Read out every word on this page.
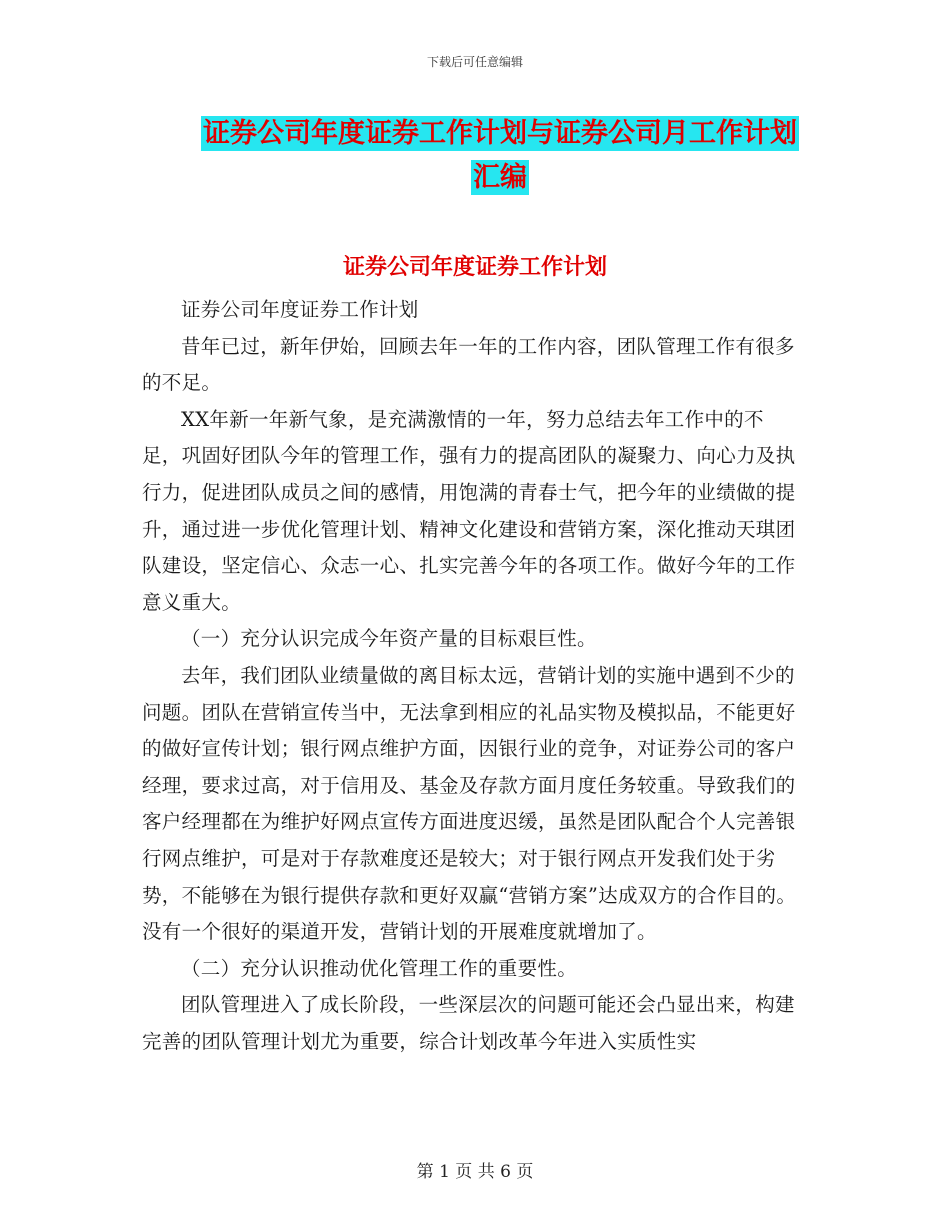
下载后可任意编辑
证券公司年度证券工作计划与证券公司月工作计划汇编
证券公司年度证券工作计划

证券公司年度证券工作计划

昔年已过，新年伊始，回顾去年一年的工作内容，团队管理工作有很多的不足。

XX年新一年新气象，是充满激情的一年，努力总结去年工作中的不足，巩固好团队今年的管理工作，强有力的提高团队的凝聚力、向心力及执行力，促进团队成员之间的感情，用饱满的青春士气，把今年的业绩做的提升，通过进一步优化管理计划、精神文化建设和营销方案，深化推动天琪团队建设，坚定信心、众志一心、扎实完善今年的各项工作。做好今年的工作意义重大。

（一）充分认识完成今年资产量的目标艰巨性。

去年，我们团队业绩量做的离目标太远，营销计划的实施中遇到不少的问题。团队在营销宣传当中，无法拿到相应的礼品实物及模拟品，不能更好的做好宣传计划；银行网点维护方面，因银行业的竞争，对证券公司的客户经理，要求过高，对于信用及、基金及存款方面月度任务较重。导致我们的客户经理都在为维护好网点宣传方面进度迟缓，虽然是团队配合个人完善银行网点维护，可是对于存款难度还是较大；对于银行网点开发我们处于劣势，不能够在为银行提供存款和更好双赢“营销方案”达成双方的合作目的。没有一个很好的渠道开发，营销计划的开展难度就增加了。

（二）充分认识推动优化管理工作的重要性。

团队管理进入了成长阶段，一些深层次的问题可能还会凸显出来，构建完善的团队管理计划尤为重要，综合计划改革今年进入实质性实

第 1 页 共 6 页
